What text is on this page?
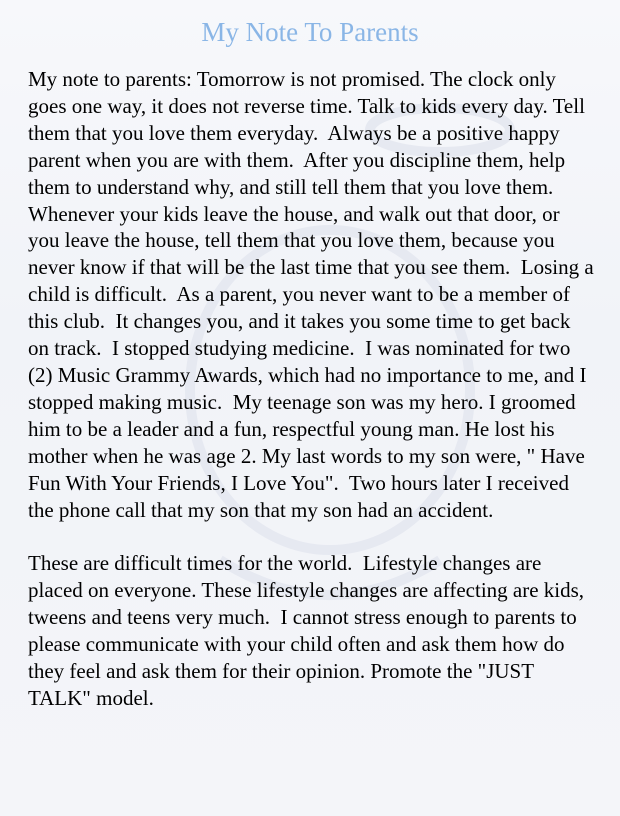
My Note To Parents

My note to parents: Tomorrow is not promised. The clock only goes one way, it does not reverse time. Talk to kids every day. Tell them that you love them everyday.  Always be a positive happy parent when you are with them.  After you discipline them, help them to understand why, and still tell them that you love them.  Whenever your kids leave the house, and walk out that door, or you leave the house, tell them that you love them, because you never know if that will be the last time that you see them.  Losing a child is difficult.  As a parent, you never want to be a member of this club.  It changes you, and it takes you some time to get back on track.  I stopped studying medicine.  I was nominated for two (2) Music Grammy Awards, which had no importance to me, and I stopped making music.  My teenage son was my hero. I groomed him to be a leader and a fun, respectful young man. He lost his mother when he was age 2. My last words to my son were, " Have Fun With Your Friends, I Love You".  Two hours later I received the phone call that my son that my son had an accident.

These are difficult times for the world.  Lifestyle changes are placed on everyone. These lifestyle changes are affecting are kids, tweens and teens very much.  I cannot stress enough to parents to please communicate with your child often and ask them how do they feel and ask them for their opinion. Promote the "JUST TALK" model.
